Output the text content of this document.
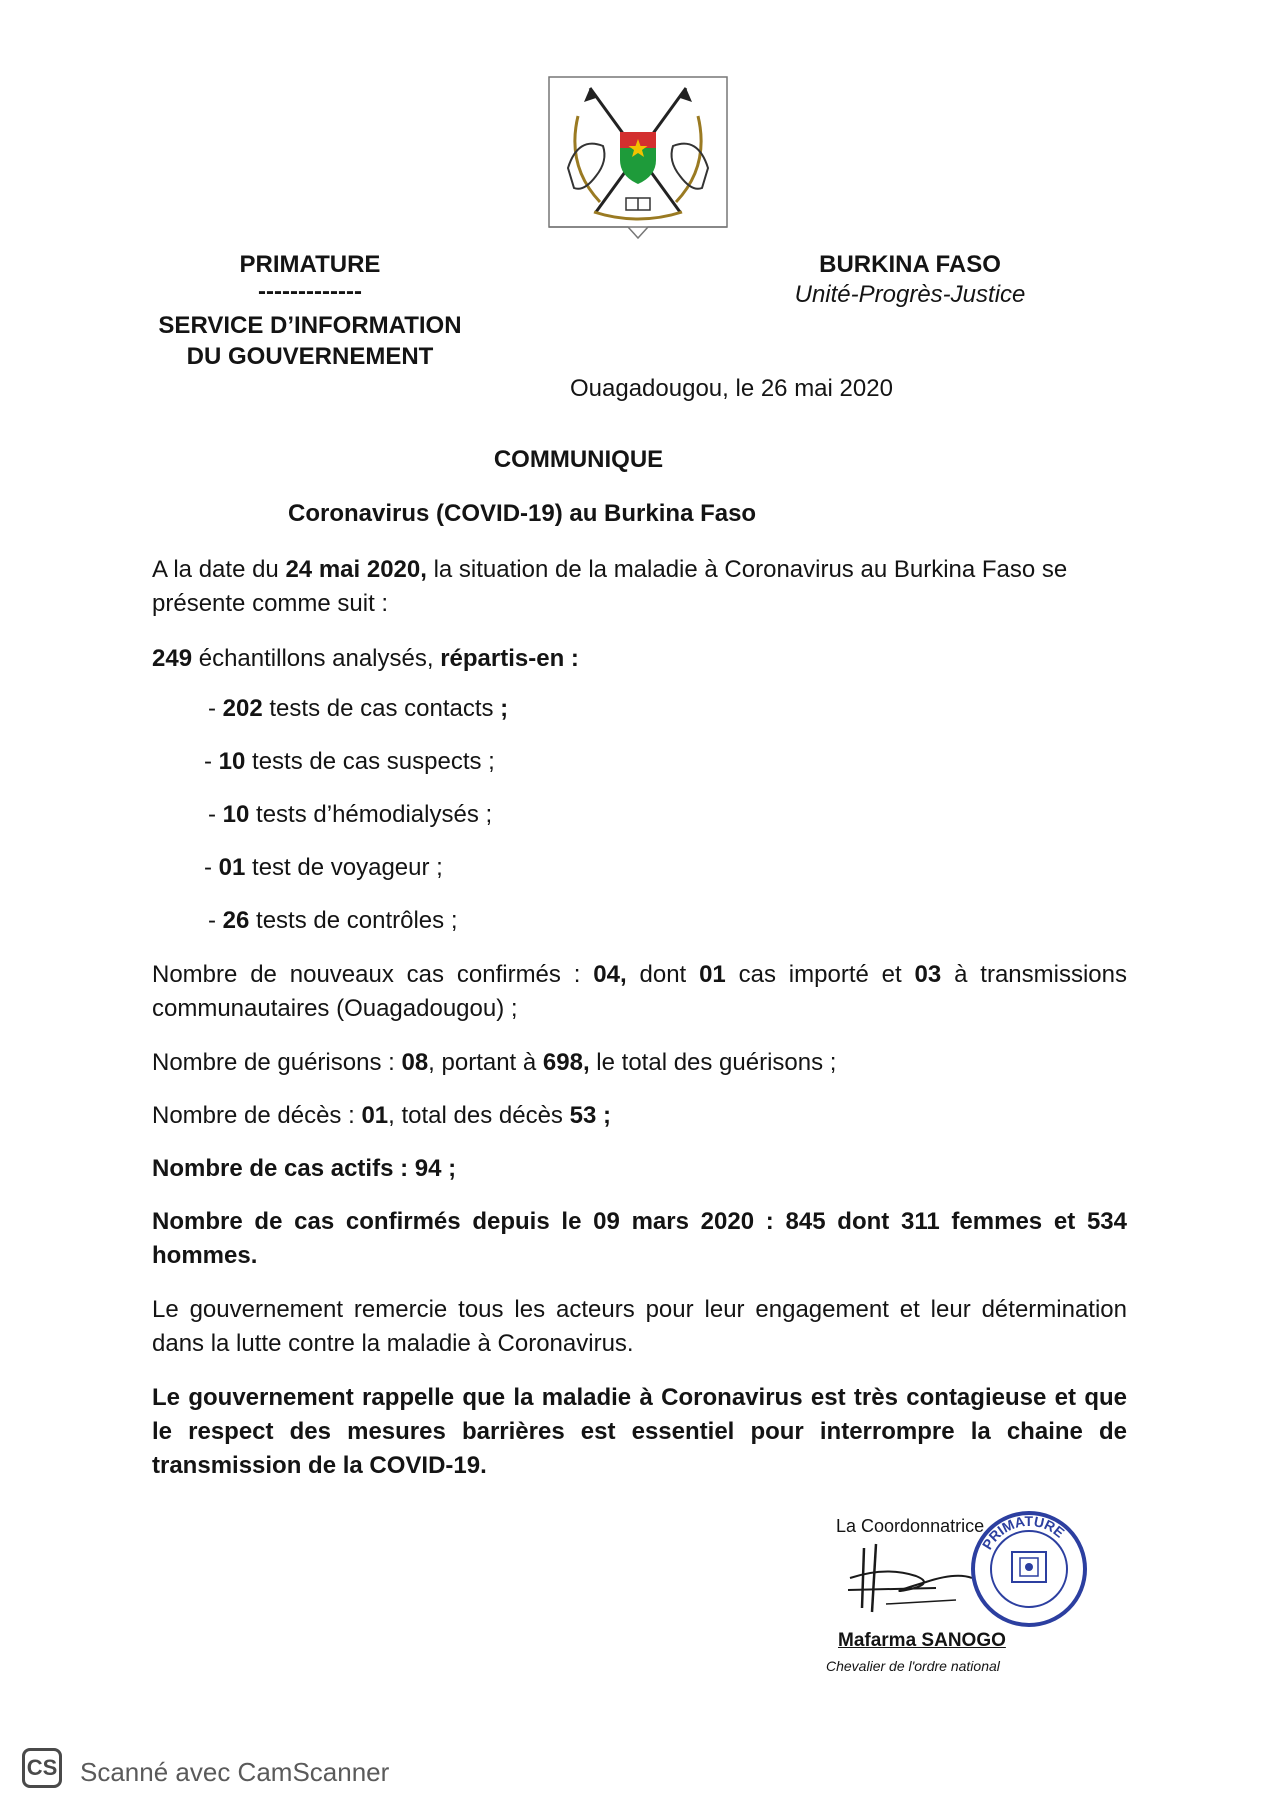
PRIMATURE
-------------
SERVICE D’INFORMATION
DU GOUVERNEMENT
BURKINA FASO
Unité-Progrès-Justice
Ouagadougou, le 26 mai 2020
COMMUNIQUE
Coronavirus (COVID-19) au Burkina Faso
A la date du 24 mai 2020, la situation de la maladie à Coronavirus au Burkina Faso se présente comme suit :
249 échantillons analysés, répartis-en :
- 202 tests de cas contacts ;
- 10 tests de cas suspects ;
- 10 tests d’hémodialysés ;
- 01 test de voyageur ;
- 26 tests de contrôles ;
Nombre de nouveaux cas confirmés : 04, dont 01 cas importé et 03 à transmissions communautaires (Ouagadougou) ;
Nombre de guérisons : 08, portant à 698, le total des guérisons ;
Nombre de décès : 01, total des décès 53 ;
Nombre de cas actifs : 94 ;
Nombre de cas confirmés depuis le 09 mars 2020 : 845 dont 311 femmes et 534 hommes.
Le gouvernement remercie tous les acteurs pour leur engagement et leur détermination dans la lutte contre la maladie à Coronavirus.
Le gouvernement rappelle que la maladie à Coronavirus est très contagieuse et que le respect des mesures barrières est essentiel pour interrompre la chaine de transmission de la COVID-19.
La Coordonnatrice
PRIMATURE
Mafarma SANOGO
Chevalier de l'ordre national
CS Scanné avec CamScanner
